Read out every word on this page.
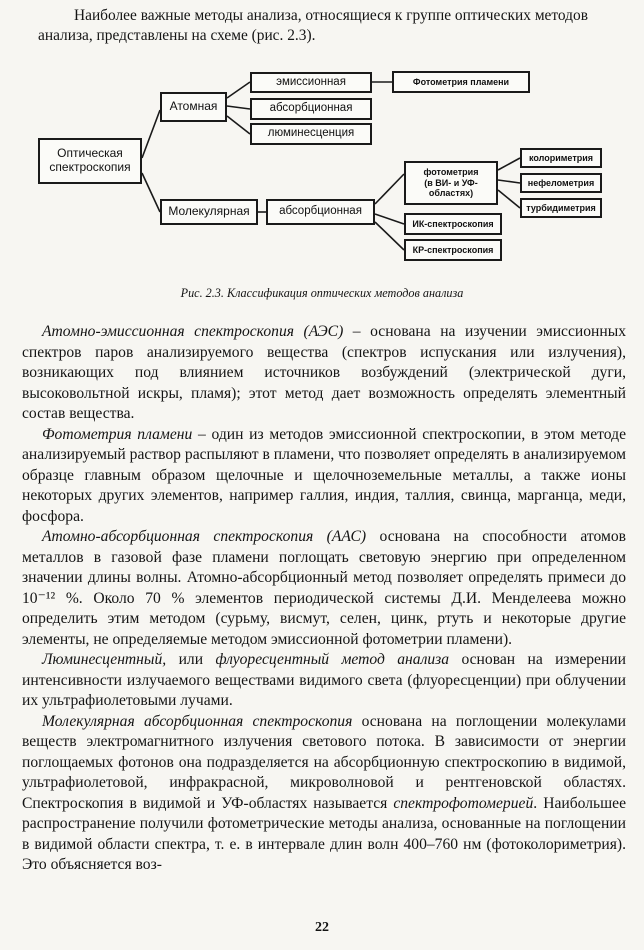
Наиболее важные методы анализа, относящиеся к группе оптических методов анализа, представлены на схеме (рис. 2.3).

Оптическая
спектроскопия
Атомная
Молекулярная
эмиссионная
абсорбционная
люминесценция
Фотометрия пламени
абсорбционная
фотометрия
(в ВИ- и УФ-
областях)
ИК-спектроскопия
КР-спектроскопия
колориметрия
нефелометрия
турбидиметрия

Рис. 2.3. Классификация оптических методов анализа

Атомно-эмиссионная спектроскопия (АЭС) – основана на изучении эмиссионных спектров паров анализируемого вещества (спектров испускания или излучения), возникающих под влиянием источников возбуждений (электрической дуги, высоковольтной искры, пламя); этот метод дает возможность определять элементный состав вещества.

Фотометрия пламени – один из методов эмиссионной спектроскопии, в этом методе анализируемый раствор распыляют в пламени, что позволяет определять в анализируемом образце главным образом щелочные и щелочноземельные металлы, а также ионы некоторых других элементов, например галлия, индия, таллия, свинца, марганца, меди, фосфора.

Атомно-абсорбционная спектроскопия (ААС) основана на способности атомов металлов в газовой фазе пламени поглощать световую энергию при определенном значении длины волны. Атомно-абсорбционный метод позволяет определять примеси до 10⁻¹² %. Около 70 % элементов периодической системы Д.И. Менделеева можно определить этим методом (сурьму, висмут, селен, цинк, ртуть и некоторые другие элементы, не определяемые методом эмиссионной фотометрии пламени).

Люминесцентный, или флуоресцентный метод анализа основан на измерении интенсивности излучаемого веществами видимого света (флуоресценции) при облучении их ультрафиолетовыми лучами.

Молекулярная абсорбционная спектроскопия основана на поглощении молекулами веществ электромагнитного излучения светового потока. В зависимости от энергии поглощаемых фотонов она подразделяется на абсорбционную спектроскопию в видимой, ультрафиолетовой, инфракрасной, микроволновой и рентгеновской областях. Спектроскопия в видимой и УФ-областях называется спектрофотомерией. Наибольшее распространение получили фотометрические методы анализа, основанные на поглощении в видимой области спектра, т. е. в интервале длин волн 400–760 нм (фотоколориметрия). Это объясняется воз-

22
